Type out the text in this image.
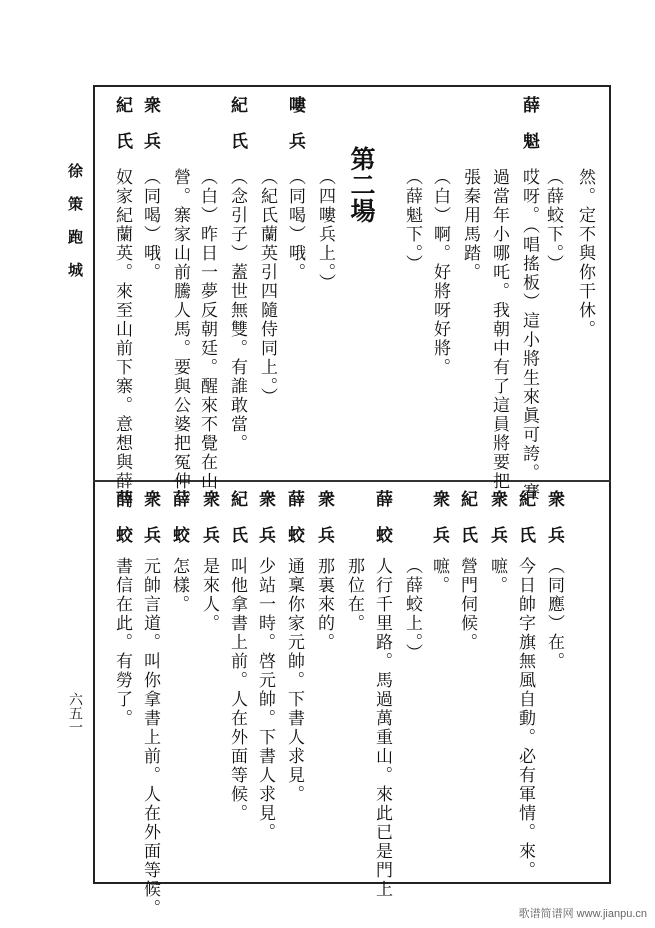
徐策跑城
六五一
歌谱简谱网 www.jianpu.cn
然。定不與你干休。
（薛蛟下。）
薛魁
哎呀。（唱搖板）這小將生來眞可誇。賽
過當年小哪吒。我朝中有了這員將要把
張秦用馬踏。
（白）啊。好將呀好將。
（薛魁下。）
第二場
（四嘍兵上。）
嘍兵
（同喝）哦。
（紀氏蘭英引四隨侍同上。）
紀氏
（念引子）蓋世無雙。有誰敢當。
（白）昨日一夢反朝廷。醒來不覺在山
營。寨家山前騰人馬。要與公婆把冤伸。
衆兵
（同喝）哦。
紀氏
奴家紀蘭英。來至山前下寨。意想與薛門
衆兵
（同應）在。
紀氏
今日帥字旗無風自動。必有軍情。來。
衆兵
嗻。
紀氏
營門伺候。
衆兵
嗻。
（薛蛟上。）
薛蛟
人行千里路。馬過萬重山。來此已是門上
那位在。
衆兵
那裏來的。
薛蛟
通稟你家元帥。下書人求見。
衆兵
少站一時。啓元帥。下書人求見。
紀氏
叫他拿書上前。人在外面等候。
衆兵
是來人。
薛蛟
怎樣。
衆兵
元帥言道。叫你拿書上前。人在外面等候。
薛蛟
書信在此。有勞了。
